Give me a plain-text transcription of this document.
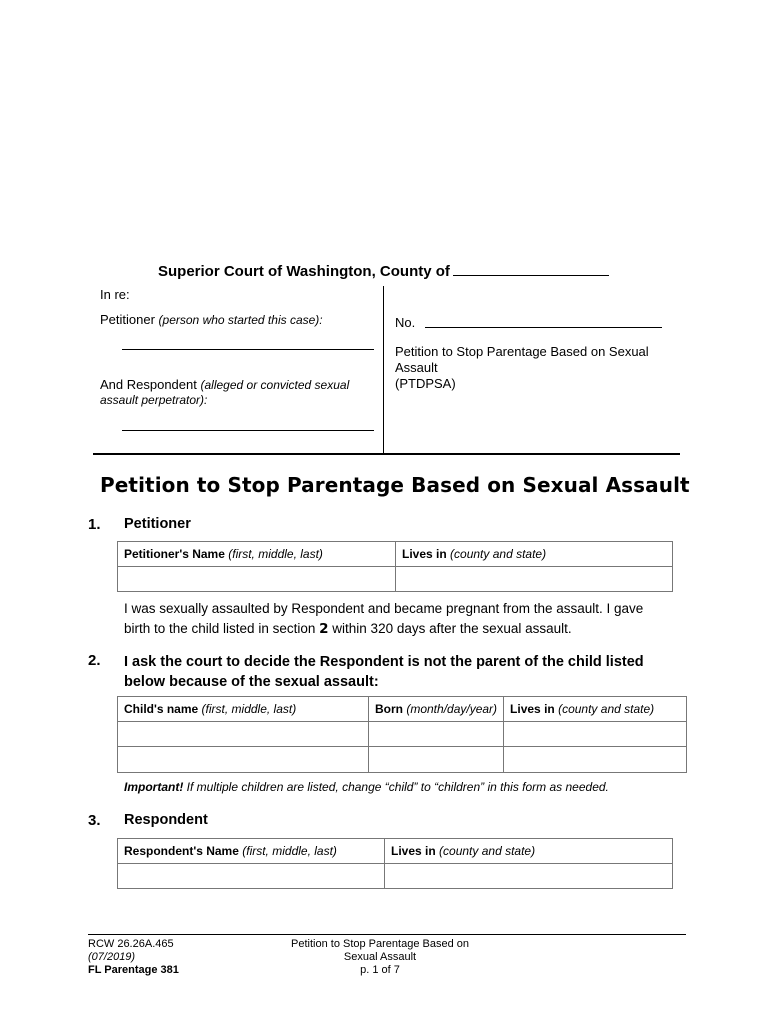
Superior Court of Washington, County of
In re:
Petitioner (person who started this case):
And Respondent (alleged or convicted sexual
assault perpetrator):
No.
Petition to Stop Parentage Based on Sexual
Assault
(PTDPSA)
Petition to Stop Parentage Based on Sexual Assault
1. Petitioner
Petitioner's Name (first, middle, last)	Lives in (county and state)

I was sexually assaulted by Respondent and became pregnant from the assault. I gave
birth to the child listed in section 2 within 320 days after the sexual assault.
2. I ask the court to decide the Respondent is not the parent of the child listed
below because of the sexual assault:
Child's name (first, middle, last)	Born (month/day/year)	Lives in (county and state)

Important! If multiple children are listed, change “child” to “children” in this form as needed.
3. Respondent
Respondent's Name (first, middle, last)	Lives in (county and state)

RCW 26.26A.465
(07/2019)
FL Parentage 381
Petition to Stop Parentage Based on
Sexual Assault
p. 1 of 7
